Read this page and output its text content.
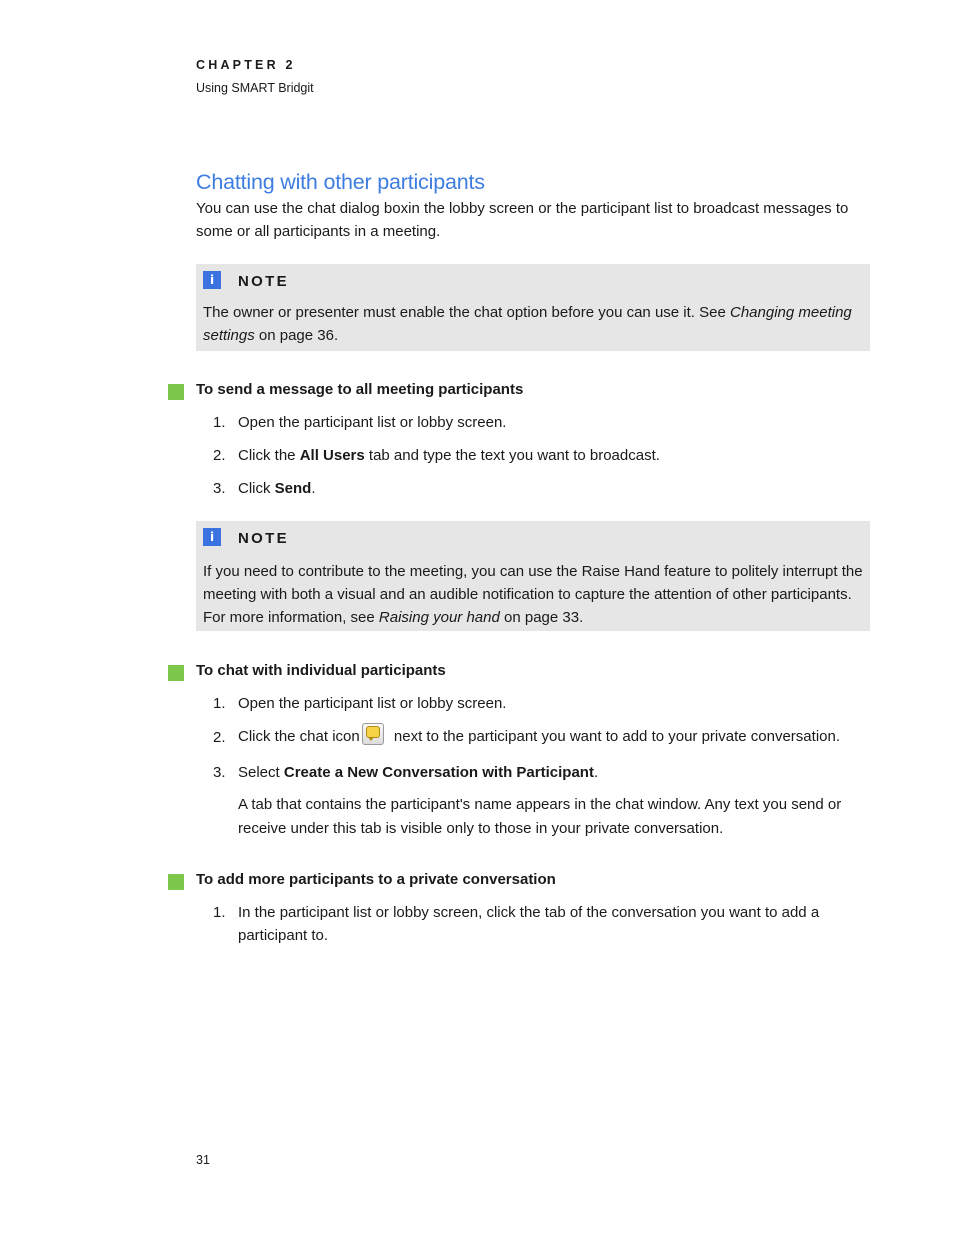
CHAPTER 2
Using SMART Bridgit
Chatting with other participants
You can use the chat dialog boxin the lobby screen or the participant list to broadcast messages to some or all participants in a meeting.
i	NOTE
The owner or presenter must enable the chat option before you can use it. See Changing meeting settings on page 36.
To send a message to all meeting participants
1. Open the participant list or lobby screen.
2. Click the All Users tab and type the text you want to broadcast.
3. Click Send.
i	NOTE
If you need to contribute to the meeting, you can use the Raise Hand feature to politely interrupt the meeting with both a visual and an audible notification to capture the attention of other participants. For more information, see Raising your hand on page 33.
To chat with individual participants
1. Open the participant list or lobby screen.
2. Click the chat icon
next to the participant you want to add to your private conversation.
3. Select Create a New Conversation with Participant.
A tab that contains the participant's name appears in the chat window. Any text you send or receive under this tab is visible only to those in your private conversation.
To add more participants to a private conversation
1. In the participant list or lobby screen, click the tab of the conversation you want to add a participant to.
31
